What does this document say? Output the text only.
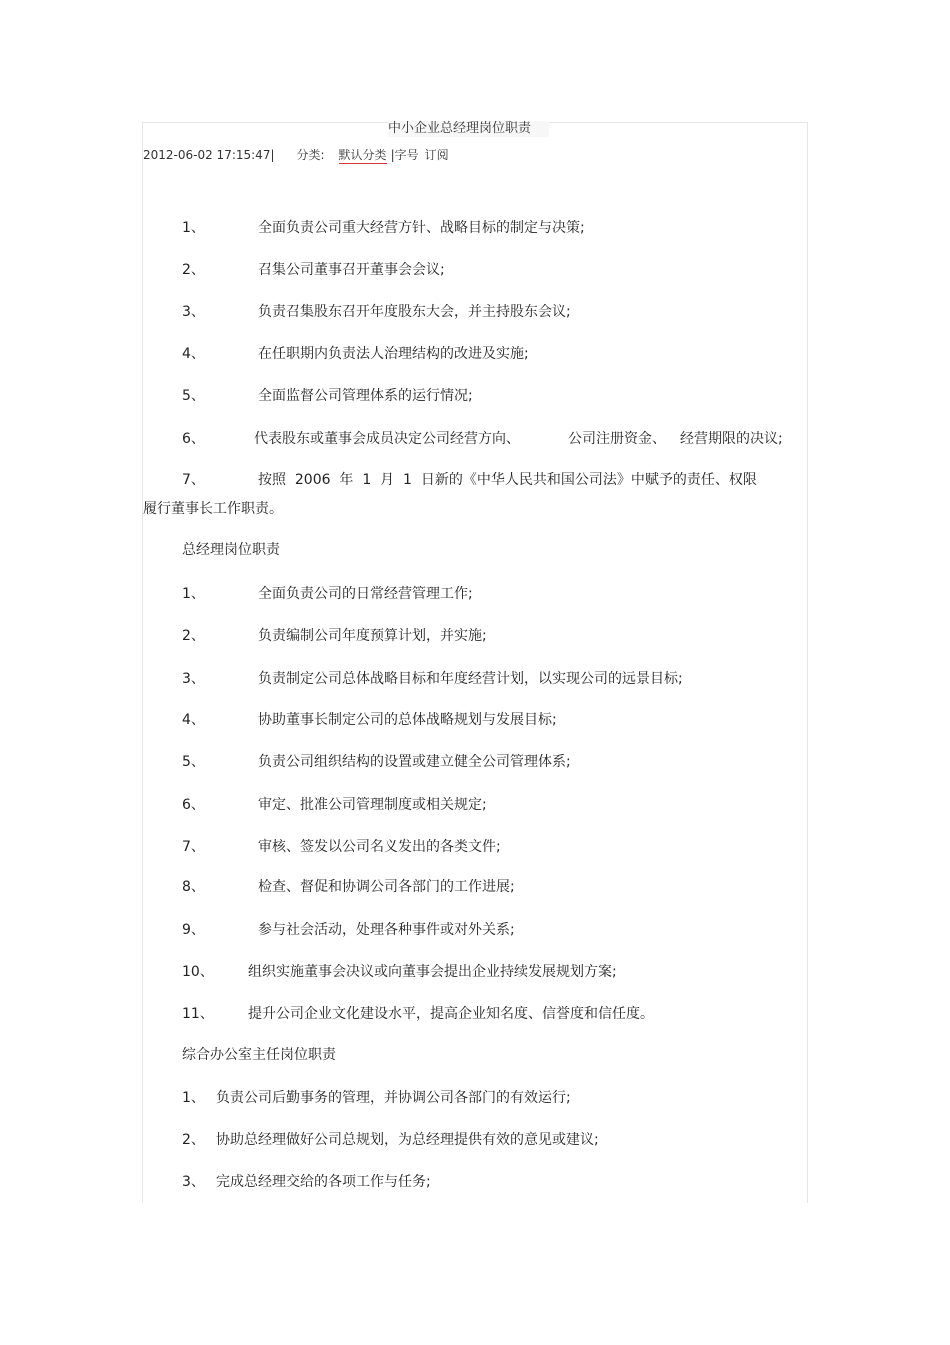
中小企业总经理岗位职责
2012-06-02 17:15:47| 分类: 默认分类 |字号 订阅
1、	全面负责公司重大经营方针、战略目标的制定与决策;
2、	召集公司董事召开董事会会议;
3、	负责召集股东召开年度股东大会，并主持股东会议;
4、	在任职期内负责法人治理结构的改进及实施;
5、	全面监督公司管理体系的运行情况;
6、	代表股东或董事会成员决定公司经营方向、	公司注册资金、 经营期限的决议;
7、	按照  2006  年  1  月  1  日新的《中华人民共和国公司法》中赋予的责任、权限
履行董事长工作职责。
总经理岗位职责
1、	全面负责公司的日常经营管理工作;
2、	负责编制公司年度预算计划，并实施;
3、	负责制定公司总体战略目标和年度经营计划，以实现公司的远景目标;
4、	协助董事长制定公司的总体战略规划与发展目标;
5、	负责公司组织结构的设置或建立健全公司管理体系;
6、	审定、批准公司管理制度或相关规定;
7、	审核、签发以公司名义发出的各类文件;
8、	检查、督促和协调公司各部门的工作进展;
9、	参与社会活动，处理各种事件或对外关系;
10、 组织实施董事会决议或向董事会提出企业持续发展规划方案;
11、 提升公司企业文化建设水平，提高企业知名度、信誉度和信任度。
综合办公室主任岗位职责
1、 负责公司后勤事务的管理，并协调公司各部门的有效运行;
2、 协助总经理做好公司总规划，为总经理提供有效的意见或建议;
3、 完成总经理交给的各项工作与任务;
